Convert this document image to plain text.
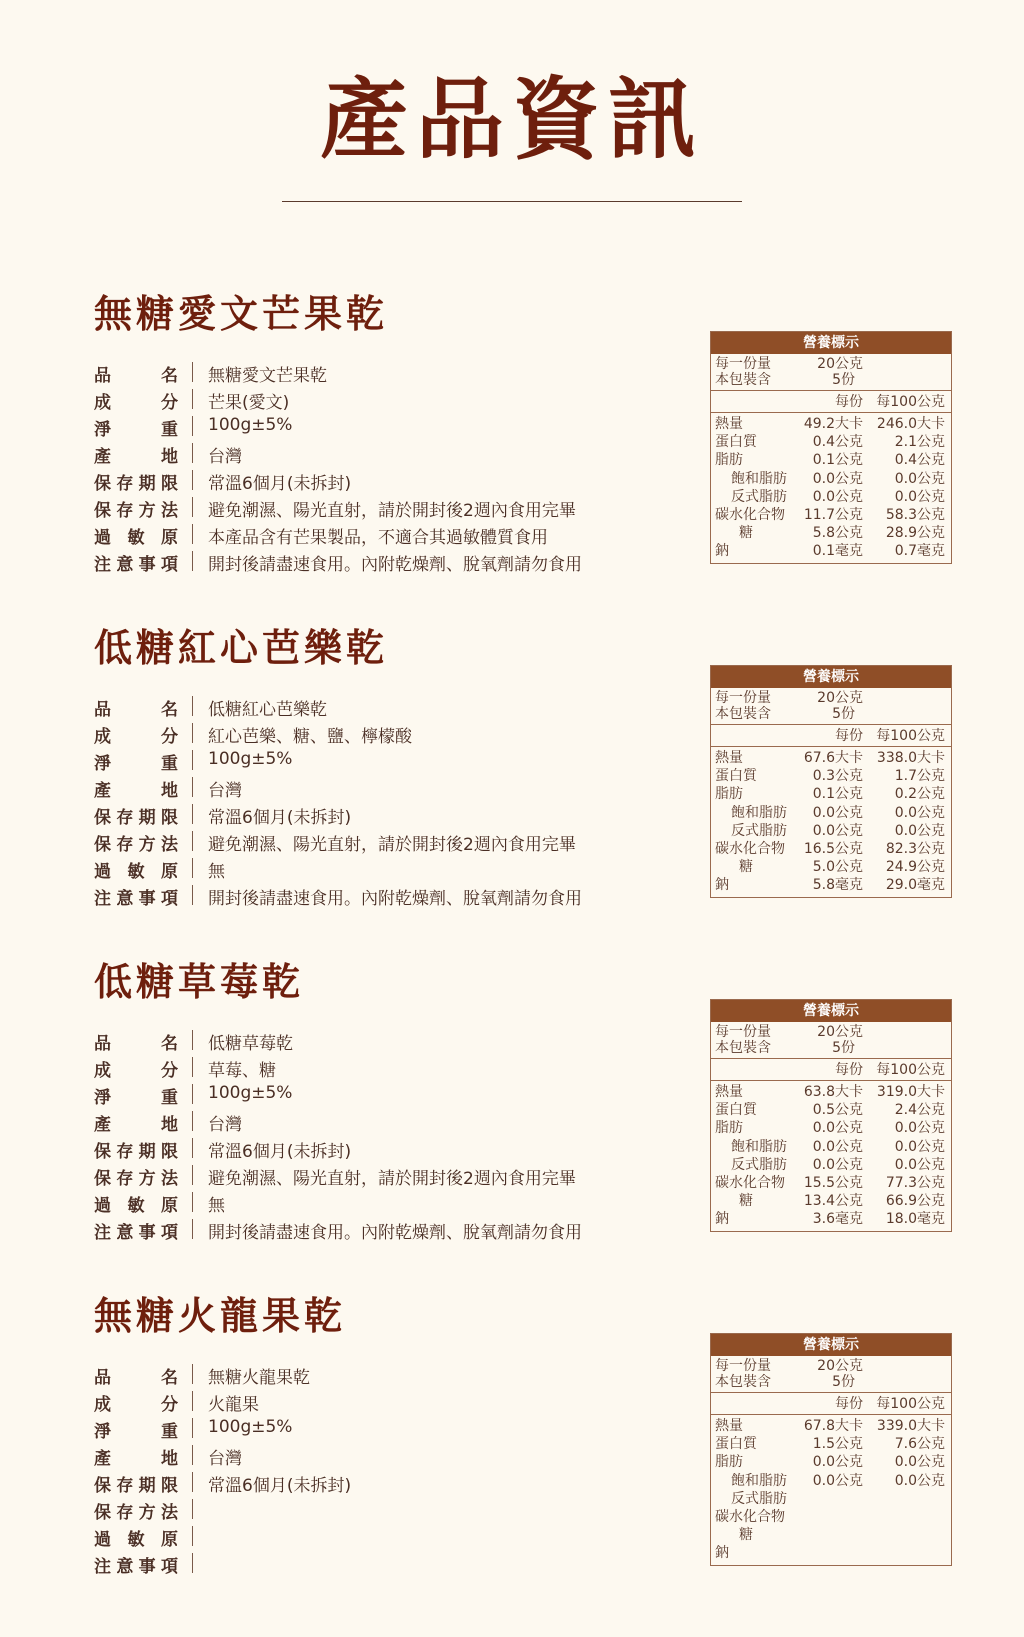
產品資訊
無糖愛文芒果乾
品　　名 無糖愛文芒果乾
成　　分 芒果(愛文)
淨　　重 100g±5%
產　　地 台灣
保存期限 常溫6個月(未拆封)
保存方法 避免潮濕、陽光直射，請於開封後2週內食用完畢
過 敏 原 本產品含有芒果製品，不適合其過敏體質食用
注意事項 開封後請盡速食用。內附乾燥劑、脫氧劑請勿食用
營養標示
每一份量	20公克
本包裝含	5份
每份 每100公克
熱量	49.2大卡 246.0大卡
蛋白質	0.4公克 2.1公克
脂肪	0.1公克 0.4公克
飽和脂肪	0.0公克 0.0公克
反式脂肪	0.0公克 0.0公克
碳水化合物	11.7公克 58.3公克
糖	5.8公克 28.9公克
鈉	0.1毫克 0.7毫克
低糖紅心芭樂乾
品　　名 低糖紅心芭樂乾
成　　分 紅心芭樂、糖、鹽、檸檬酸
淨　　重 100g±5%
產　　地 台灣
保存期限 常溫6個月(未拆封)
保存方法 避免潮濕、陽光直射，請於開封後2週內食用完畢
過 敏 原 無
注意事項 開封後請盡速食用。內附乾燥劑、脫氧劑請勿食用
營養標示
每一份量	20公克
本包裝含	5份
每份 每100公克
熱量	67.6大卡 338.0大卡
蛋白質	0.3公克 1.7公克
脂肪	0.1公克 0.2公克
飽和脂肪	0.0公克 0.0公克
反式脂肪	0.0公克 0.0公克
碳水化合物	16.5公克 82.3公克
糖	5.0公克 24.9公克
鈉	5.8毫克 29.0毫克
低糖草莓乾
品　　名 低糖草莓乾
成　　分 草莓、糖
淨　　重 100g±5%
產　　地 台灣
保存期限 常溫6個月(未拆封)
保存方法 避免潮濕、陽光直射，請於開封後2週內食用完畢
過 敏 原 無
注意事項 開封後請盡速食用。內附乾燥劑、脫氧劑請勿食用
營養標示
每一份量	20公克
本包裝含	5份
每份 每100公克
熱量	63.8大卡 319.0大卡
蛋白質	0.5公克 2.4公克
脂肪	0.0公克 0.0公克
飽和脂肪	0.0公克 0.0公克
反式脂肪	0.0公克 0.0公克
碳水化合物	15.5公克 77.3公克
糖	13.4公克 66.9公克
鈉	3.6毫克 18.0毫克
無糖火龍果乾
品　　名 無糖火龍果乾
成　　分 火龍果
淨　　重 100g±5%
產　　地 台灣
保存期限 常溫6個月(未拆封)
保存方法
過 敏 原
注意事項
營養標示
每一份量	20公克
本包裝含	5份
每份 每100公克
熱量	67.8大卡 339.0大卡
蛋白質	1.5公克 7.6公克
脂肪	0.0公克 0.0公克
飽和脂肪	0.0公克 0.0公克
反式脂肪
碳水化合物
糖
鈉
